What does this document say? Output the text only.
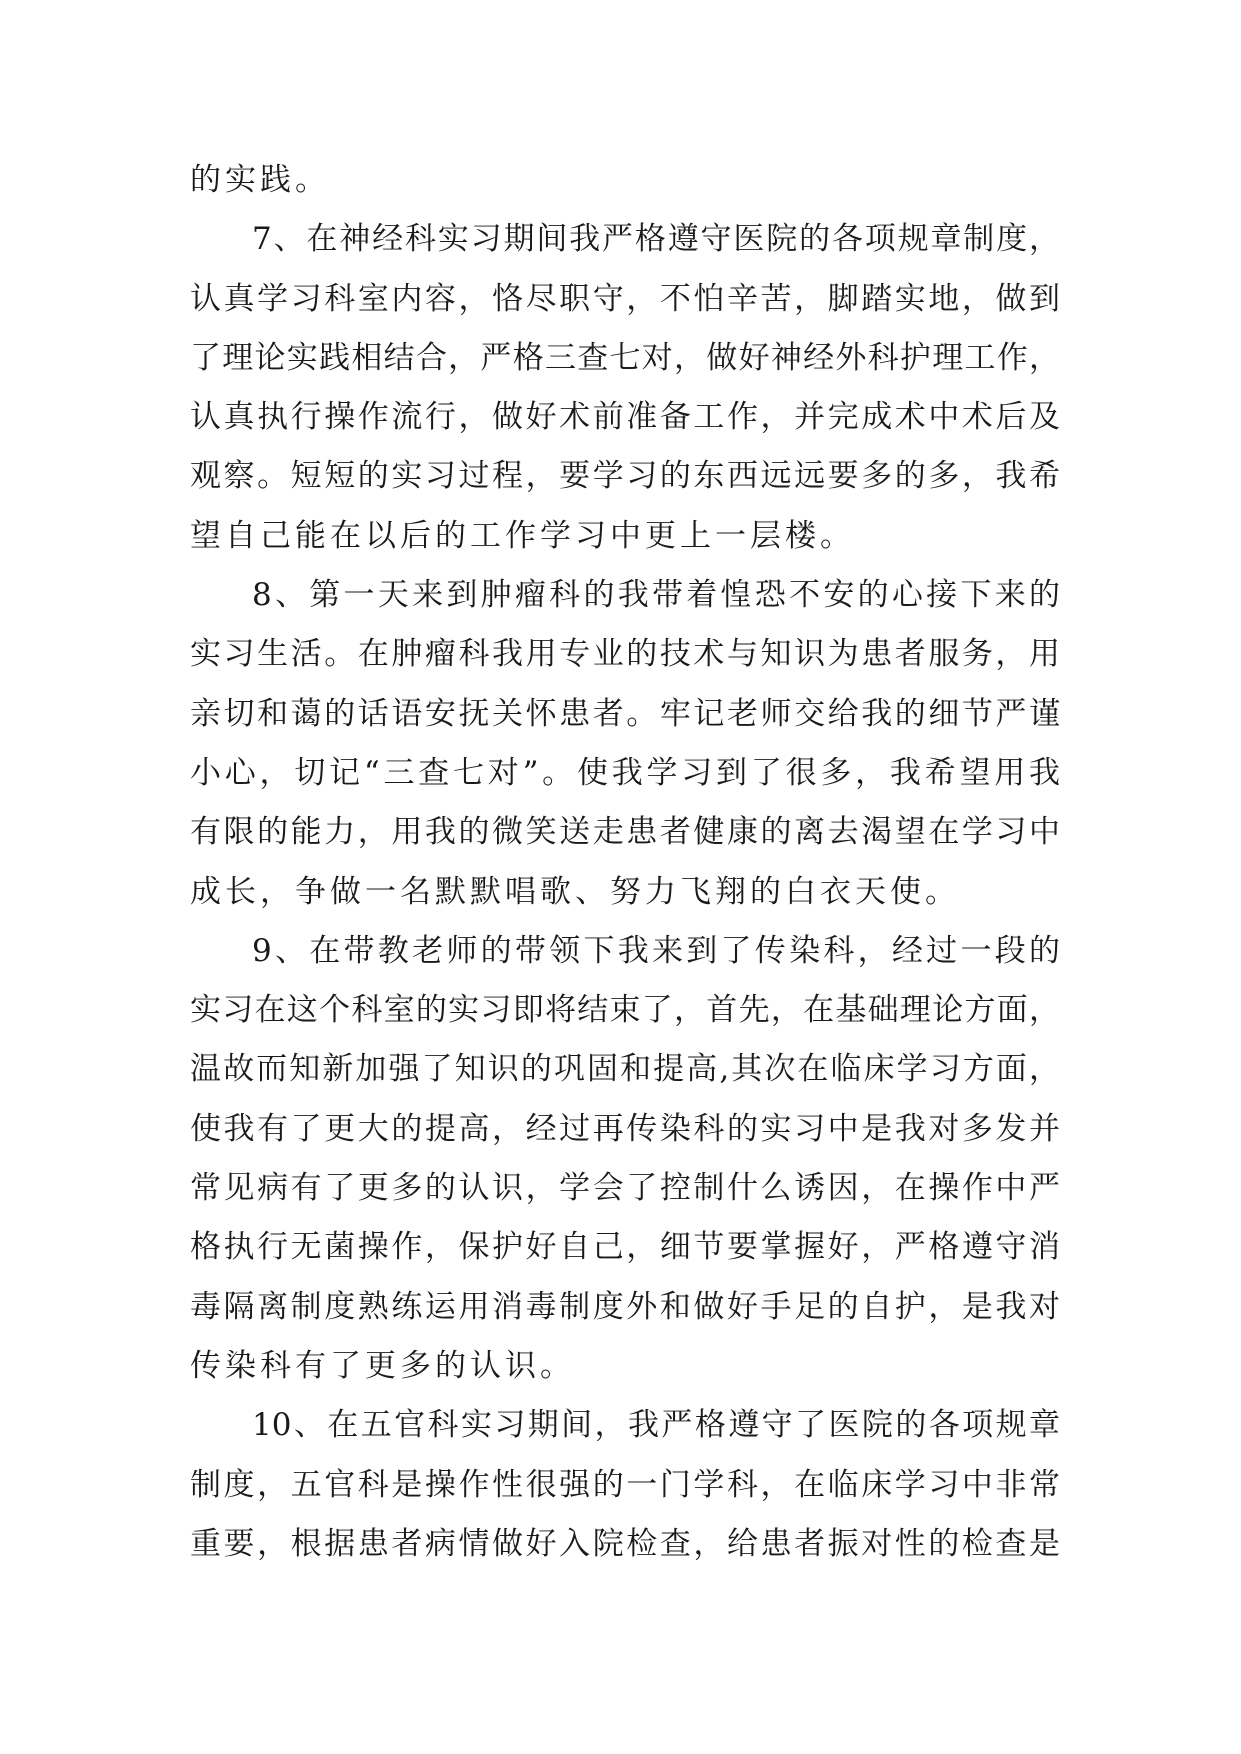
的实践。
7、在神经科实习期间我严格遵守医院的各项规章制度，
认真学习科室内容，恪尽职守，不怕辛苦，脚踏实地，做到
了理论实践相结合，严格三查七对，做好神经外科护理工作，
认真执行操作流行，做好术前准备工作，并完成术中术后及
观察。短短的实习过程，要学习的东西远远要多的多，我希
望自己能在以后的工作学习中更上一层楼。
8、第一天来到肿瘤科的我带着惶恐不安的心接下来的
实习生活。在肿瘤科我用专业的技术与知识为患者服务，用
亲切和蔼的话语安抚关怀患者。牢记老师交给我的细节严谨
小心，切记“三查七对”。使我学习到了很多，我希望用我
有限的能力，用我的微笑送走患者健康的离去渴望在学习中
成长，争做一名默默唱歌、努力飞翔的白衣天使。
9、在带教老师的带领下我来到了传染科，经过一段的
实习在这个科室的实习即将结束了，首先，在基础理论方面，
温故而知新加强了知识的巩固和提高,其次在临床学习方面，
使我有了更大的提高，经过再传染科的实习中是我对多发并
常见病有了更多的认识，学会了控制什么诱因，在操作中严
格执行无菌操作，保护好自己，细节要掌握好，严格遵守消
毒隔离制度熟练运用消毒制度外和做好手足的自护，是我对
传染科有了更多的认识。
10、在五官科实习期间，我严格遵守了医院的各项规章
制度，五官科是操作性很强的一门学科，在临床学习中非常
重要，根据患者病情做好入院检查，给患者振对性的检查是
